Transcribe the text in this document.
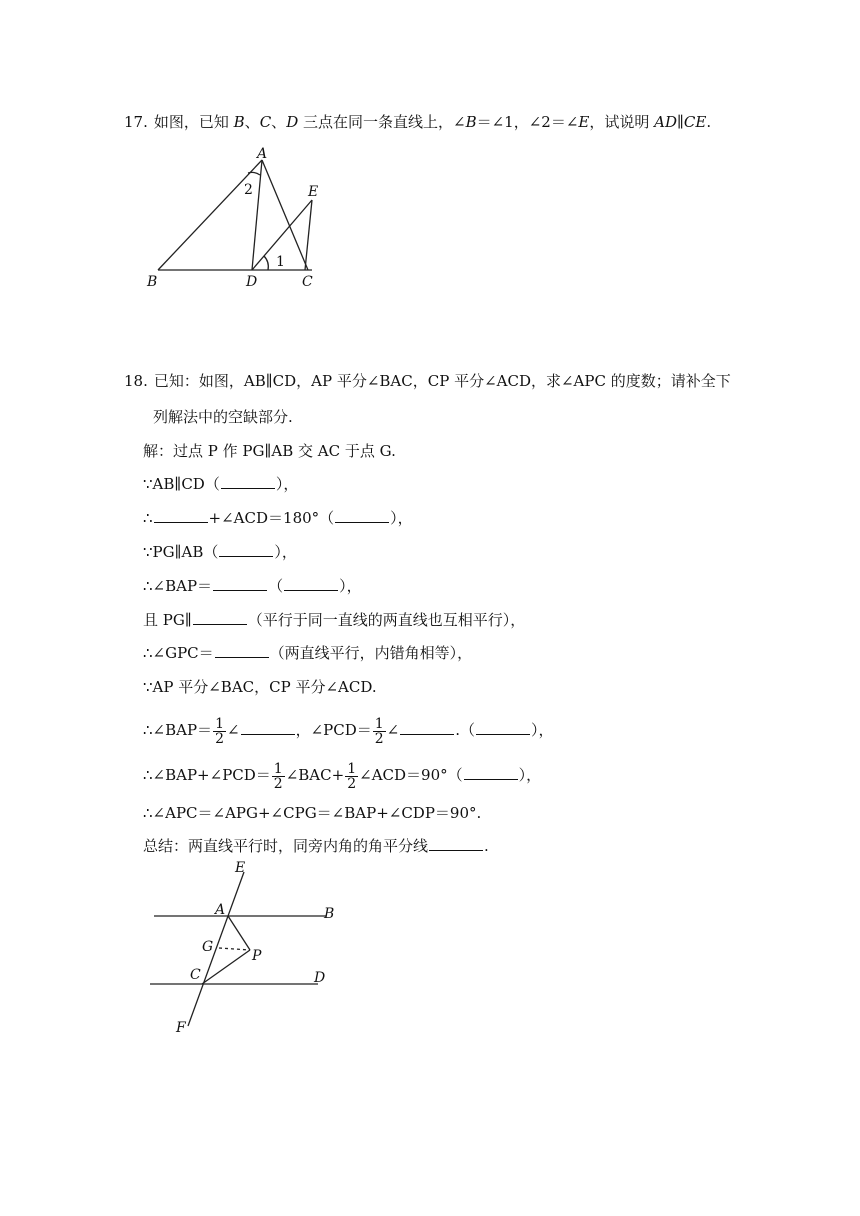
17. 如图，已知 B、C、D 三点在同一条直线上，∠B＝∠1，∠2＝∠E，试说明 AD∥CE.
A
B	D	C
E
1
2
18. 已知：如图，AB∥CD，AP 平分∠BAC，CP 平分∠ACD，求∠APC 的度数；请补全下
列解法中的空缺部分.
解：过点 P 作 PG∥AB 交 AC 于点 G.
∵AB∥CD（	），
∴	+∠ACD＝180°（	），
∵PG∥AB（	），
∴∠BAP＝	（	），
且 PG∥	（平行于同一直线的两直线也互相平行），
∴∠GPC＝	（两直线平行，内错角相等），
∵AP 平分∠BAC，CP 平分∠ACD.
∴∠BAP＝ $\frac{1}{2}$ ∠	，∠PCD＝ $\frac{1}{2}$ ∠	.（	），
∴∠BAP+∠PCD＝ $\frac{1}{2}$ ∠BAC+ $\frac{1}{2}$ ∠ACD＝90°（	），
∴∠APC＝∠APG+∠CPG＝∠BAP+∠CDP＝90°.
总结：两直线平行时，同旁内角的角平分线	.
E
A	B
G
P
C	D
F
